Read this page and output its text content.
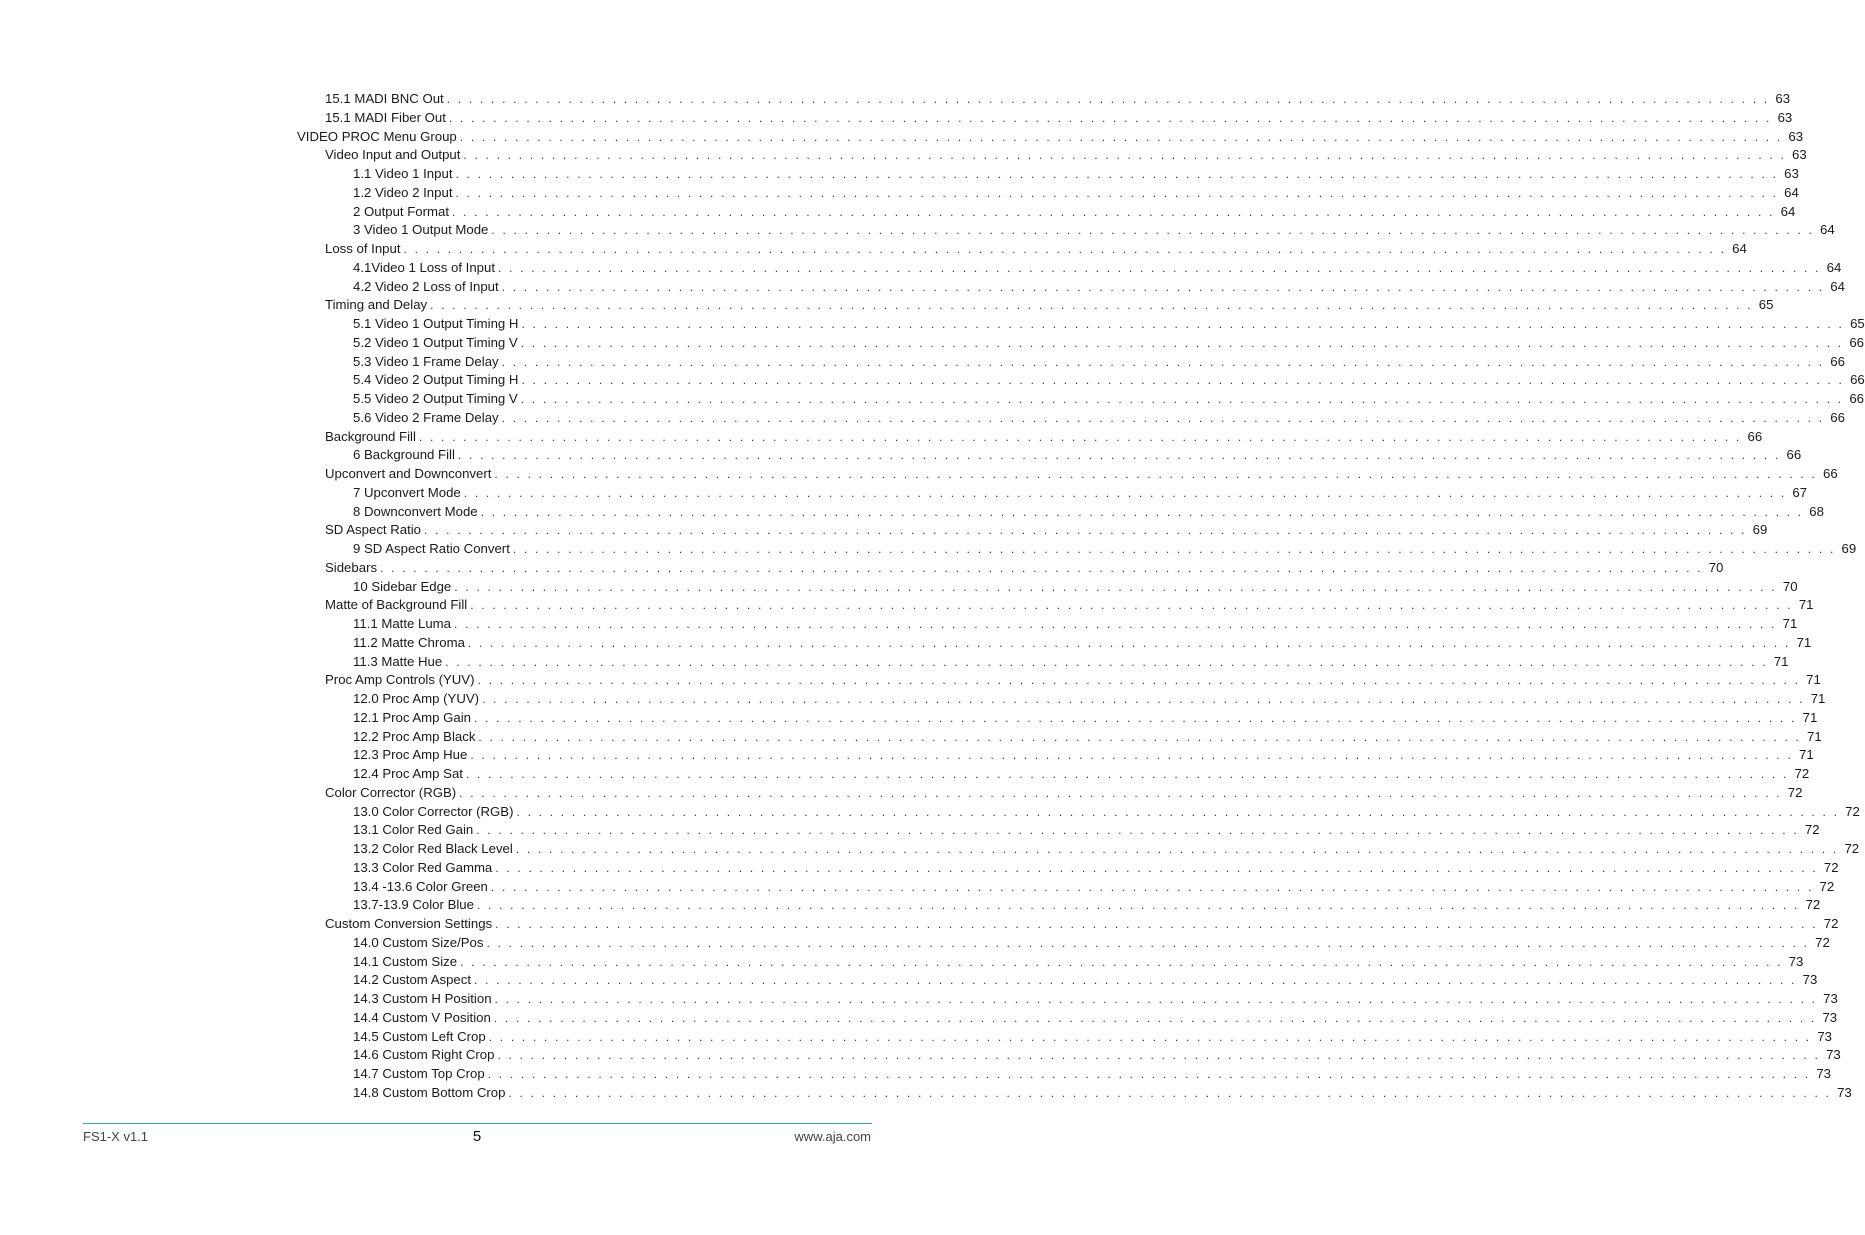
15.1 MADI BNC Out . . . . . . . . . . . . . . . . . . . . . . . . . . . . . . . . . . . . . . . . . . . . . . . . . . . . . . . . . . . . . . . . . . . . . . . . . . . . . . . . . . . . . . . . . . . . . . . . . . . . . . . . . . . . . . . . . . . . . . . . 63
15.1 MADI Fiber Out . . . . . . . . . . . . . . . . . . . . . . . . . . . . . . . . . . . . . . . . . . . . . . . . . . . . . . . . . . . . . . . . . . . . . . . . . . . . . . . . . . . . . . . . . . . . . . . . . . . . . . . . . . . . . . . . . . . . . . . . 63
VIDEO PROC Menu Group . . . . . . . . . . . . . . . . . . . . . . . . . . . . . . . . . . . . . . . . . . . . . . . . . . . . . . . . . . . . . . . . . . . . . . . . . . . . . . . . . . . . . . . . . . . . . . . . . . . . . . . . . . . . . . . . . . . . . . . . 63
Video Input and Output . . . . . . . . . . . . . . . . . . . . . . . . . . . . . . . . . . . . . . . . . . . . . . . . . . . . . . . . . . . . . . . . . . . . . . . . . . . . . . . . . . . . . . . . . . . . . . . . . . . . . . . . . . . . . . . . . . . . . . . . 63
1.1 Video 1 Input . . . . . . . . . . . . . . . . . . . . . . . . . . . . . . . . . . . . . . . . . . . . . . . . . . . . . . . . . . . . . . . . . . . . . . . . . . . . . . . . . . . . . . . . . . . . . . . . . . . . . . . . . . . . . . . . . . . . . . . . 63
1.2 Video 2 Input . . . . . . . . . . . . . . . . . . . . . . . . . . . . . . . . . . . . . . . . . . . . . . . . . . . . . . . . . . . . . . . . . . . . . . . . . . . . . . . . . . . . . . . . . . . . . . . . . . . . . . . . . . . . . . . . . . . . . . . . 64
2 Output Format . . . . . . . . . . . . . . . . . . . . . . . . . . . . . . . . . . . . . . . . . . . . . . . . . . . . . . . . . . . . . . . . . . . . . . . . . . . . . . . . . . . . . . . . . . . . . . . . . . . . . . . . . . . . . . . . . . . . . . . . 64
3 Video 1 Output Mode . . . . . . . . . . . . . . . . . . . . . . . . . . . . . . . . . . . . . . . . . . . . . . . . . . . . . . . . . . . . . . . . . . . . . . . . . . . . . . . . . . . . . . . . . . . . . . . . . . . . . . . . . . . . . . . . . . . . . . . . 64
Loss of Input . . . . . . . . . . . . . . . . . . . . . . . . . . . . . . . . . . . . . . . . . . . . . . . . . . . . . . . . . . . . . . . . . . . . . . . . . . . . . . . . . . . . . . . . . . . . . . . . . . . . . . . . . . . . . . . . . . . . . . . . 64
4.1Video 1 Loss of Input . . . . . . . . . . . . . . . . . . . . . . . . . . . . . . . . . . . . . . . . . . . . . . . . . . . . . . . . . . . . . . . . . . . . . . . . . . . . . . . . . . . . . . . . . . . . . . . . . . . . . . . . . . . . . . . . . . . . . . . . 64
4.2 Video 2 Loss of Input . . . . . . . . . . . . . . . . . . . . . . . . . . . . . . . . . . . . . . . . . . . . . . . . . . . . . . . . . . . . . . . . . . . . . . . . . . . . . . . . . . . . . . . . . . . . . . . . . . . . . . . . . . . . . . . . . . . . . . . . 64
Timing and Delay . . . . . . . . . . . . . . . . . . . . . . . . . . . . . . . . . . . . . . . . . . . . . . . . . . . . . . . . . . . . . . . . . . . . . . . . . . . . . . . . . . . . . . . . . . . . . . . . . . . . . . . . . . . . . . . . . . . . . . . . 65
5.1 Video 1 Output Timing H . . . . . . . . . . . . . . . . . . . . . . . . . . . . . . . . . . . . . . . . . . . . . . . . . . . . . . . . . . . . . . . . . . . . . . . . . . . . . . . . . . . . . . . . . . . . . . . . . . . . . . . . . . . . . . . . . . . . . . . . 65
5.2 Video 1 Output Timing V . . . . . . . . . . . . . . . . . . . . . . . . . . . . . . . . . . . . . . . . . . . . . . . . . . . . . . . . . . . . . . . . . . . . . . . . . . . . . . . . . . . . . . . . . . . . . . . . . . . . . . . . . . . . . . . . . . . . . . . . 66
5.3 Video 1 Frame Delay . . . . . . . . . . . . . . . . . . . . . . . . . . . . . . . . . . . . . . . . . . . . . . . . . . . . . . . . . . . . . . . . . . . . . . . . . . . . . . . . . . . . . . . . . . . . . . . . . . . . . . . . . . . . . . . . . . . . . . . . 66
5.4 Video 2 Output Timing H . . . . . . . . . . . . . . . . . . . . . . . . . . . . . . . . . . . . . . . . . . . . . . . . . . . . . . . . . . . . . . . . . . . . . . . . . . . . . . . . . . . . . . . . . . . . . . . . . . . . . . . . . . . . . . . . . . . . . . . . 66
5.5 Video 2 Output Timing V . . . . . . . . . . . . . . . . . . . . . . . . . . . . . . . . . . . . . . . . . . . . . . . . . . . . . . . . . . . . . . . . . . . . . . . . . . . . . . . . . . . . . . . . . . . . . . . . . . . . . . . . . . . . . . . . . . . . . . . . 66
5.6 Video 2 Frame Delay . . . . . . . . . . . . . . . . . . . . . . . . . . . . . . . . . . . . . . . . . . . . . . . . . . . . . . . . . . . . . . . . . . . . . . . . . . . . . . . . . . . . . . . . . . . . . . . . . . . . . . . . . . . . . . . . . . . . . . . . 66
Background Fill . . . . . . . . . . . . . . . . . . . . . . . . . . . . . . . . . . . . . . . . . . . . . . . . . . . . . . . . . . . . . . . . . . . . . . . . . . . . . . . . . . . . . . . . . . . . . . . . . . . . . . . . . . . . . . . . . . . . . . . . 66
6 Background Fill . . . . . . . . . . . . . . . . . . . . . . . . . . . . . . . . . . . . . . . . . . . . . . . . . . . . . . . . . . . . . . . . . . . . . . . . . . . . . . . . . . . . . . . . . . . . . . . . . . . . . . . . . . . . . . . . . . . . . . . . 66
Upconvert and Downconvert . . . . . . . . . . . . . . . . . . . . . . . . . . . . . . . . . . . . . . . . . . . . . . . . . . . . . . . . . . . . . . . . . . . . . . . . . . . . . . . . . . . . . . . . . . . . . . . . . . . . . . . . . . . . . . . . . . . . . . . . 66
7 Upconvert Mode . . . . . . . . . . . . . . . . . . . . . . . . . . . . . . . . . . . . . . . . . . . . . . . . . . . . . . . . . . . . . . . . . . . . . . . . . . . . . . . . . . . . . . . . . . . . . . . . . . . . . . . . . . . . . . . . . . . . . . . . 67
8 Downconvert Mode . . . . . . . . . . . . . . . . . . . . . . . . . . . . . . . . . . . . . . . . . . . . . . . . . . . . . . . . . . . . . . . . . . . . . . . . . . . . . . . . . . . . . . . . . . . . . . . . . . . . . . . . . . . . . . . . . . . . . . . . 68
SD Aspect Ratio . . . . . . . . . . . . . . . . . . . . . . . . . . . . . . . . . . . . . . . . . . . . . . . . . . . . . . . . . . . . . . . . . . . . . . . . . . . . . . . . . . . . . . . . . . . . . . . . . . . . . . . . . . . . . . . . . . . . . . . . 69
9 SD Aspect Ratio Convert . . . . . . . . . . . . . . . . . . . . . . . . . . . . . . . . . . . . . . . . . . . . . . . . . . . . . . . . . . . . . . . . . . . . . . . . . . . . . . . . . . . . . . . . . . . . . . . . . . . . . . . . . . . . . . . . . . . . . . . . 69
Sidebars . . . . . . . . . . . . . . . . . . . . . . . . . . . . . . . . . . . . . . . . . . . . . . . . . . . . . . . . . . . . . . . . . . . . . . . . . . . . . . . . . . . . . . . . . . . . . . . . . . . . . . . . . . . . . . . . . . . . . . . . 70
10 Sidebar Edge . . . . . . . . . . . . . . . . . . . . . . . . . . . . . . . . . . . . . . . . . . . . . . . . . . . . . . . . . . . . . . . . . . . . . . . . . . . . . . . . . . . . . . . . . . . . . . . . . . . . . . . . . . . . . . . . . . . . . . . . 70
Matte of Background Fill . . . . . . . . . . . . . . . . . . . . . . . . . . . . . . . . . . . . . . . . . . . . . . . . . . . . . . . . . . . . . . . . . . . . . . . . . . . . . . . . . . . . . . . . . . . . . . . . . . . . . . . . . . . . . . . . . . . . . . . . 71
11.1 Matte Luma . . . . . . . . . . . . . . . . . . . . . . . . . . . . . . . . . . . . . . . . . . . . . . . . . . . . . . . . . . . . . . . . . . . . . . . . . . . . . . . . . . . . . . . . . . . . . . . . . . . . . . . . . . . . . . . . . . . . . . . . 71
11.2 Matte Chroma . . . . . . . . . . . . . . . . . . . . . . . . . . . . . . . . . . . . . . . . . . . . . . . . . . . . . . . . . . . . . . . . . . . . . . . . . . . . . . . . . . . . . . . . . . . . . . . . . . . . . . . . . . . . . . . . . . . . . . . . 71
11.3 Matte Hue . . . . . . . . . . . . . . . . . . . . . . . . . . . . . . . . . . . . . . . . . . . . . . . . . . . . . . . . . . . . . . . . . . . . . . . . . . . . . . . . . . . . . . . . . . . . . . . . . . . . . . . . . . . . . . . . . . . . . . . . 71
Proc Amp Controls (YUV) . . . . . . . . . . . . . . . . . . . . . . . . . . . . . . . . . . . . . . . . . . . . . . . . . . . . . . . . . . . . . . . . . . . . . . . . . . . . . . . . . . . . . . . . . . . . . . . . . . . . . . . . . . . . . . . . . . . . . . . . 71
12.0 Proc Amp (YUV) . . . . . . . . . . . . . . . . . . . . . . . . . . . . . . . . . . . . . . . . . . . . . . . . . . . . . . . . . . . . . . . . . . . . . . . . . . . . . . . . . . . . . . . . . . . . . . . . . . . . . . . . . . . . . . . . . . . . . . . . 71
12.1 Proc Amp Gain . . . . . . . . . . . . . . . . . . . . . . . . . . . . . . . . . . . . . . . . . . . . . . . . . . . . . . . . . . . . . . . . . . . . . . . . . . . . . . . . . . . . . . . . . . . . . . . . . . . . . . . . . . . . . . . . . . . . . . . . 71
12.2 Proc Amp Black . . . . . . . . . . . . . . . . . . . . . . . . . . . . . . . . . . . . . . . . . . . . . . . . . . . . . . . . . . . . . . . . . . . . . . . . . . . . . . . . . . . . . . . . . . . . . . . . . . . . . . . . . . . . . . . . . . . . . . . . 71
12.3 Proc Amp Hue . . . . . . . . . . . . . . . . . . . . . . . . . . . . . . . . . . . . . . . . . . . . . . . . . . . . . . . . . . . . . . . . . . . . . . . . . . . . . . . . . . . . . . . . . . . . . . . . . . . . . . . . . . . . . . . . . . . . . . . . 71
12.4 Proc Amp Sat . . . . . . . . . . . . . . . . . . . . . . . . . . . . . . . . . . . . . . . . . . . . . . . . . . . . . . . . . . . . . . . . . . . . . . . . . . . . . . . . . . . . . . . . . . . . . . . . . . . . . . . . . . . . . . . . . . . . . . . . 72
Color Corrector (RGB) . . . . . . . . . . . . . . . . . . . . . . . . . . . . . . . . . . . . . . . . . . . . . . . . . . . . . . . . . . . . . . . . . . . . . . . . . . . . . . . . . . . . . . . . . . . . . . . . . . . . . . . . . . . . . . . . . . . . . . . . 72
13.0 Color Corrector (RGB) . . . . . . . . . . . . . . . . . . . . . . . . . . . . . . . . . . . . . . . . . . . . . . . . . . . . . . . . . . . . . . . . . . . . . . . . . . . . . . . . . . . . . . . . . . . . . . . . . . . . . . . . . . . . . . . . . . . . . . . . 72
13.1 Color Red Gain . . . . . . . . . . . . . . . . . . . . . . . . . . . . . . . . . . . . . . . . . . . . . . . . . . . . . . . . . . . . . . . . . . . . . . . . . . . . . . . . . . . . . . . . . . . . . . . . . . . . . . . . . . . . . . . . . . . . . . . . 72
13.2 Color Red Black Level . . . . . . . . . . . . . . . . . . . . . . . . . . . . . . . . . . . . . . . . . . . . . . . . . . . . . . . . . . . . . . . . . . . . . . . . . . . . . . . . . . . . . . . . . . . . . . . . . . . . . . . . . . . . . . . . . . . . . . . . 72
13.3 Color Red Gamma . . . . . . . . . . . . . . . . . . . . . . . . . . . . . . . . . . . . . . . . . . . . . . . . . . . . . . . . . . . . . . . . . . . . . . . . . . . . . . . . . . . . . . . . . . . . . . . . . . . . . . . . . . . . . . . . . . . . . . . . 72
13.4 -13.6 Color Green . . . . . . . . . . . . . . . . . . . . . . . . . . . . . . . . . . . . . . . . . . . . . . . . . . . . . . . . . . . . . . . . . . . . . . . . . . . . . . . . . . . . . . . . . . . . . . . . . . . . . . . . . . . . . . . . . . . . . . . . 72
13.7-13.9 Color Blue . . . . . . . . . . . . . . . . . . . . . . . . . . . . . . . . . . . . . . . . . . . . . . . . . . . . . . . . . . . . . . . . . . . . . . . . . . . . . . . . . . . . . . . . . . . . . . . . . . . . . . . . . . . . . . . . . . . . . . . . 72
Custom Conversion Settings . . . . . . . . . . . . . . . . . . . . . . . . . . . . . . . . . . . . . . . . . . . . . . . . . . . . . . . . . . . . . . . . . . . . . . . . . . . . . . . . . . . . . . . . . . . . . . . . . . . . . . . . . . . . . . . . . . . . . . . . 72
14.0 Custom Size/Pos . . . . . . . . . . . . . . . . . . . . . . . . . . . . . . . . . . . . . . . . . . . . . . . . . . . . . . . . . . . . . . . . . . . . . . . . . . . . . . . . . . . . . . . . . . . . . . . . . . . . . . . . . . . . . . . . . . . . . . . . 72
14.1 Custom Size . . . . . . . . . . . . . . . . . . . . . . . . . . . . . . . . . . . . . . . . . . . . . . . . . . . . . . . . . . . . . . . . . . . . . . . . . . . . . . . . . . . . . . . . . . . . . . . . . . . . . . . . . . . . . . . . . . . . . . . . 73
14.2 Custom Aspect . . . . . . . . . . . . . . . . . . . . . . . . . . . . . . . . . . . . . . . . . . . . . . . . . . . . . . . . . . . . . . . . . . . . . . . . . . . . . . . . . . . . . . . . . . . . . . . . . . . . . . . . . . . . . . . . . . . . . . . . 73
14.3 Custom H Position . . . . . . . . . . . . . . . . . . . . . . . . . . . . . . . . . . . . . . . . . . . . . . . . . . . . . . . . . . . . . . . . . . . . . . . . . . . . . . . . . . . . . . . . . . . . . . . . . . . . . . . . . . . . . . . . . . . . . . . . 73
14.4 Custom V Position . . . . . . . . . . . . . . . . . . . . . . . . . . . . . . . . . . . . . . . . . . . . . . . . . . . . . . . . . . . . . . . . . . . . . . . . . . . . . . . . . . . . . . . . . . . . . . . . . . . . . . . . . . . . . . . . . . . . . . . . 73
14.5 Custom Left Crop . . . . . . . . . . . . . . . . . . . . . . . . . . . . . . . . . . . . . . . . . . . . . . . . . . . . . . . . . . . . . . . . . . . . . . . . . . . . . . . . . . . . . . . . . . . . . . . . . . . . . . . . . . . . . . . . . . . . . . . . 73
14.6 Custom Right Crop . . . . . . . . . . . . . . . . . . . . . . . . . . . . . . . . . . . . . . . . . . . . . . . . . . . . . . . . . . . . . . . . . . . . . . . . . . . . . . . . . . . . . . . . . . . . . . . . . . . . . . . . . . . . . . . . . . . . . . . . 73
14.7 Custom Top Crop . . . . . . . . . . . . . . . . . . . . . . . . . . . . . . . . . . . . . . . . . . . . . . . . . . . . . . . . . . . . . . . . . . . . . . . . . . . . . . . . . . . . . . . . . . . . . . . . . . . . . . . . . . . . . . . . . . . . . . . . 73
14.8 Custom Bottom Crop . . . . . . . . . . . . . . . . . . . . . . . . . . . . . . . . . . . . . . . . . . . . . . . . . . . . . . . . . . . . . . . . . . . . . . . . . . . . . . . . . . . . . . . . . . . . . . . . . . . . . . . . . . . . . . . . . . . . . . . . 73
FS1-X v1.1	5	www.aja.com
